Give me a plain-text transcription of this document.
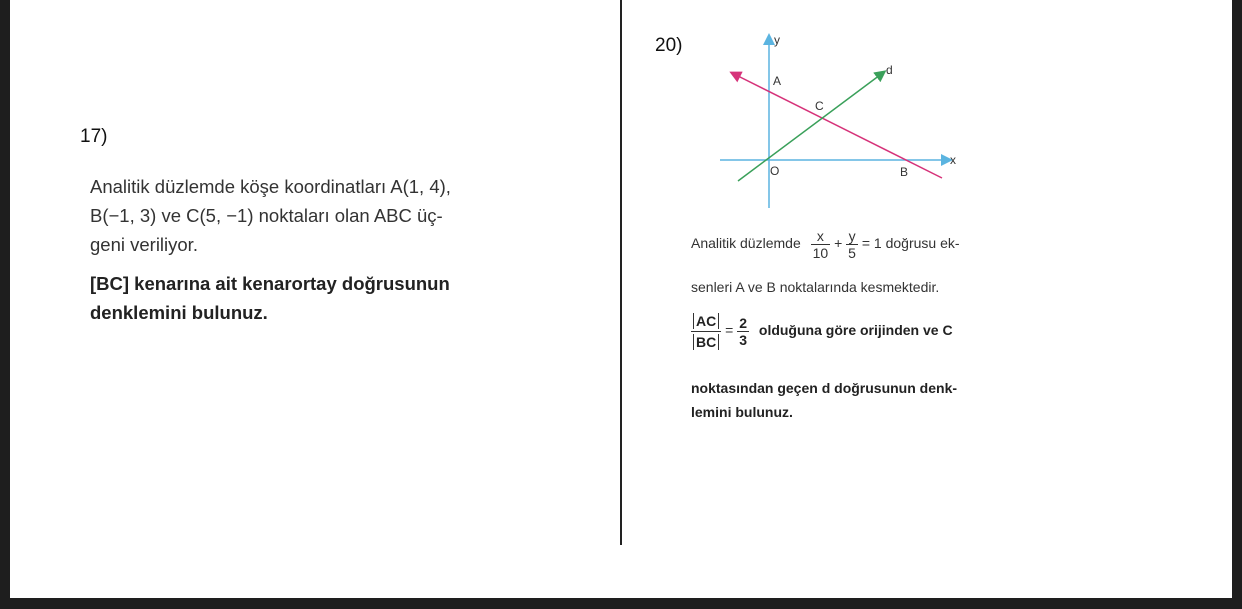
17)

Analitik düzlemde köşe koordinatları A(1, 4),

B(−1, 3) ve C(5, −1) noktaları olan ABC üç-

geni veriliyor.

[BC] kenarına ait kenarortay doğrusunun

denklemini bulunuz.

20)	y
x
A
C
d
O	B
Analitik düzlemde $\frac{x}{10} + \frac{y}{5} = 1$ doğrusu ek-
senleri A ve B noktalarında kesmektedir.
$\frac{AC}{BC} = \frac{2}{3}$ olduğuna göre orijinden ve C
noktasından geçen d doğrusunun denk-
lemini bulunuz.
